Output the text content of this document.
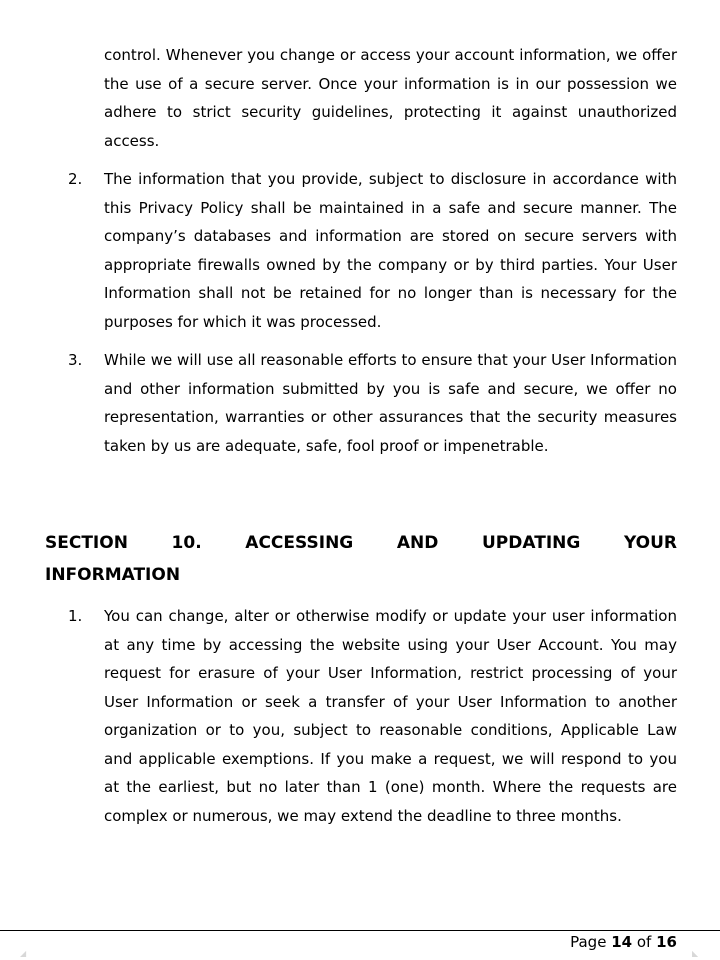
control. Whenever you change or access your account information, we offer the use of a secure server. Once your information is in our possession we adhere to strict security guidelines, protecting it against unauthorized access.
2. The information that you provide, subject to disclosure in accordance with this Privacy Policy shall be maintained in a safe and secure manner. The company’s databases and information are stored on secure servers with appropriate firewalls owned by the company or by third parties. Your User Information shall not be retained for no longer than is necessary for the purposes for which it was processed.
3. While we will use all reasonable efforts to ensure that your User Information and other information submitted by you is safe and secure, we offer no representation, warranties or other assurances that the security measures taken by us are adequate, safe, fool proof or impenetrable.
SECTION 10. ACCESSING AND UPDATING YOUR
INFORMATION
1. You can change, alter or otherwise modify or update your user information at any time by accessing the website using your User Account. You may request for erasure of your User Information, restrict processing of your User Information or seek a transfer of your User Information to another organization or to you, subject to reasonable conditions, Applicable Law and applicable exemptions. If you make a request, we will respond to you at the earliest, but no later than 1 (one) month. Where the requests are complex or numerous, we may extend the deadline to three months.
Page 14 of 16
◢	◣
